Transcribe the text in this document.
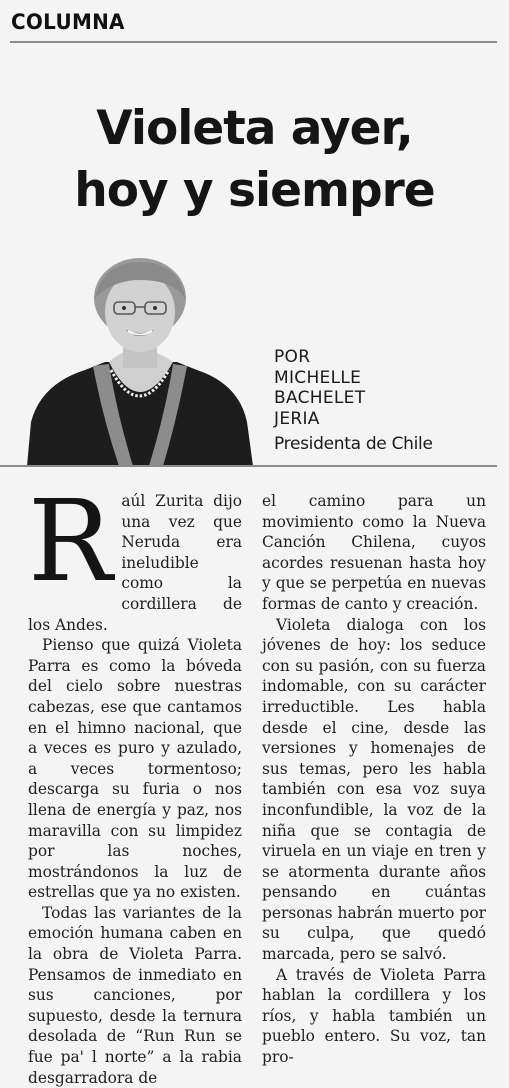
COLUMNA
Violeta ayer,
hoy y siempre
POR
MICHELLE
BACHELET
JERIA
Presidenta de Chile
R aúl Zurita dijo una vez que Neruda era ineludible como la cordillera de los Andes.

Pienso que quizá Violeta Parra es como la bóveda del cielo sobre nuestras cabezas, ese que cantamos en el himno nacional, que a veces es puro y azulado, a veces tormentoso; descarga su furia o nos llena de energía y paz, nos maravilla con su limpidez por las noches, mostrándonos la luz de estrellas que ya no existen.

Todas las variantes de la emoción humana caben en la obra de Violeta Parra. Pensamos de inmediato en sus canciones, por supuesto, desde la ternura desolada de “Run Run se fue pa' l norte” a la rabia desgarradora de

el camino para un movimiento como la Nueva Canción Chilena, cuyos acordes resuenan hasta hoy y que se perpetúa en nuevas formas de canto y creación.

Violeta dialoga con los jóvenes de hoy: los seduce con su pasión, con su fuerza indomable, con su carácter irreductible. Les habla desde el cine, desde las versiones y homenajes de sus temas, pero les habla también con esa voz suya inconfundible, la voz de la niña que se contagia de viruela en un viaje en tren y se atormenta durante años pensando en cuántas personas habrán muerto por su culpa, que quedó marcada, pero se salvó.

A través de Violeta Parra hablan la cordillera y los ríos, y habla también un pueblo entero. Su voz, tan pro-
